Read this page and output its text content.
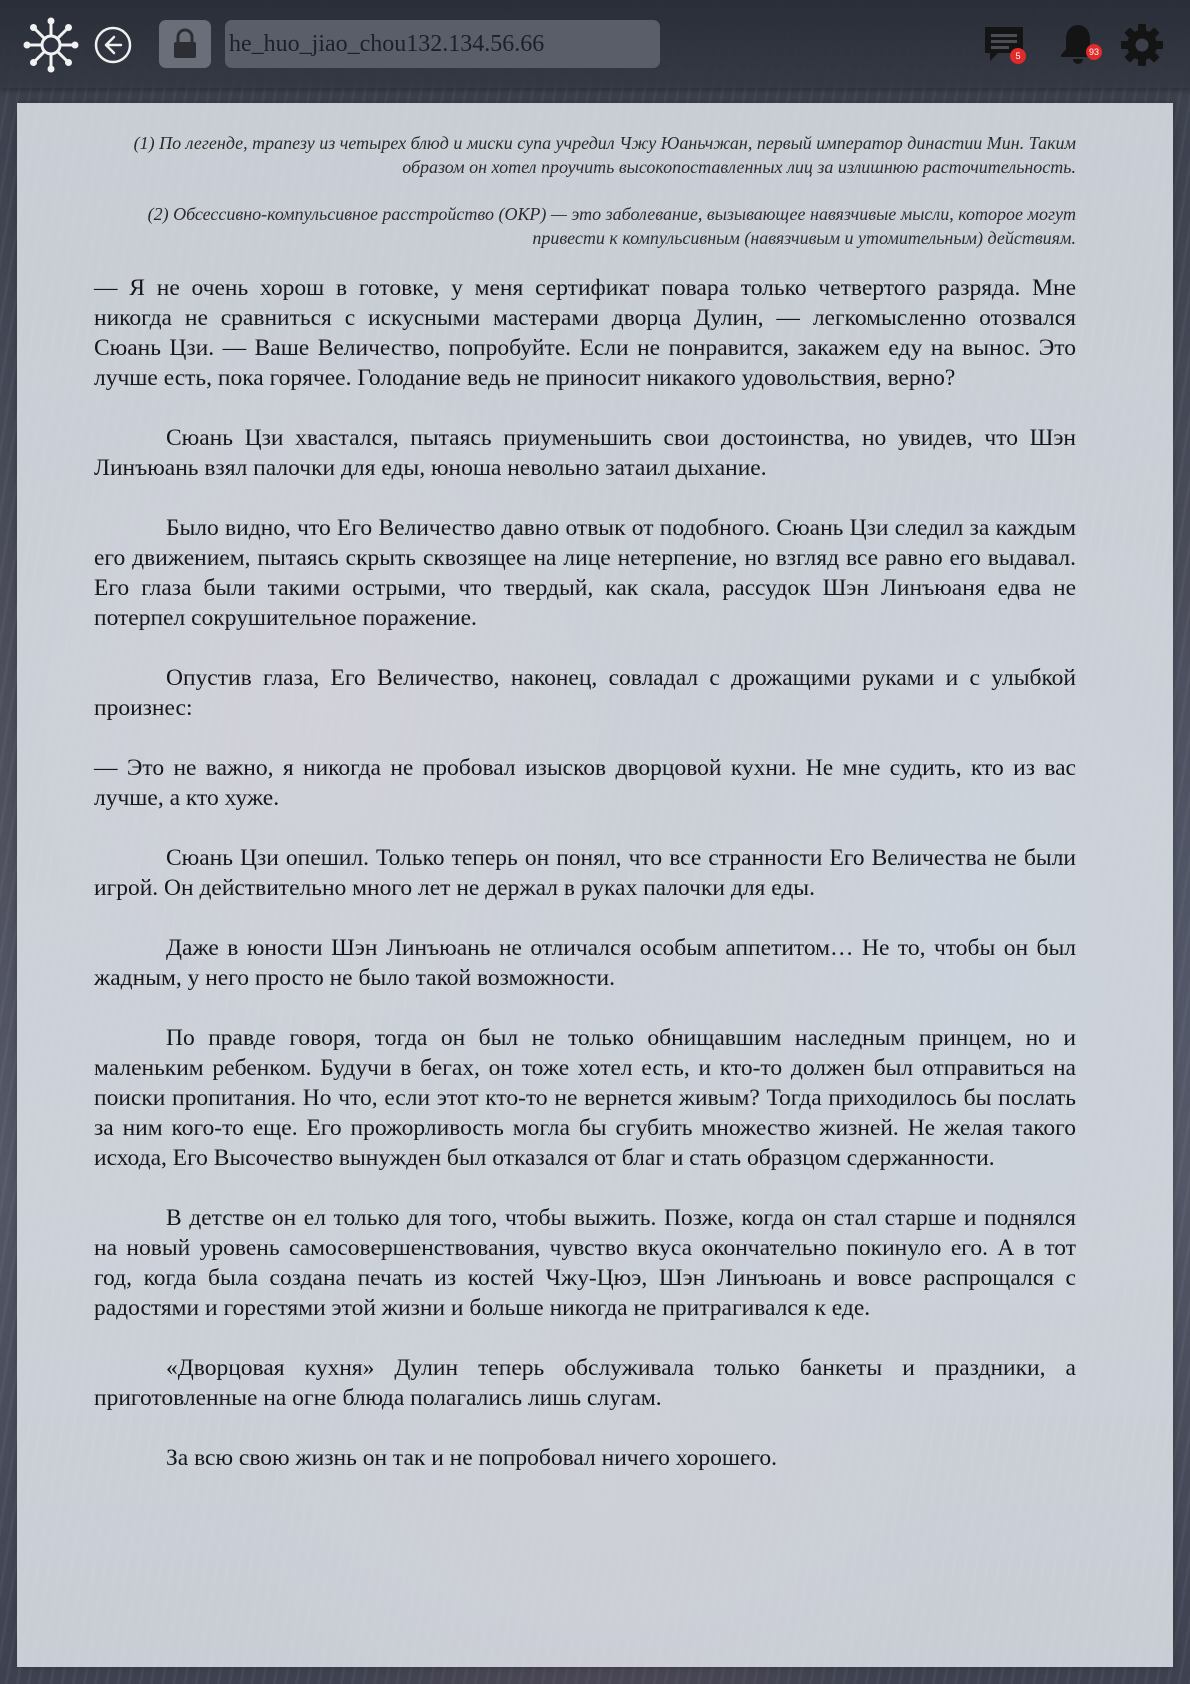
he_huo_jiao_chou132.134.56.66
5	93

(1) По легенде, трапезу из четырех блюд и миски супа учредил Чжу Юаньчжан, первый император династии Мин. Таким образом он хотел проучить высокопоставленных лиц за излишнюю расточительность.

(2) Обсессивно-компульсивное расстройство (ОКР) — это заболевание, вызывающее навязчивые мысли, которое могут привести к компульсивным (навязчивым и утомительным) действиям.

— Я не очень хорош в готовке, у меня сертификат повара только четвертого разряда. Мне никогда не сравниться с искусными мастерами дворца Дулин, — легкомысленно отозвался Сюань Цзи. — Ваше Величество, попробуйте. Если не понравится, закажем еду на вынос. Это лучше есть, пока горячее. Голодание ведь не приносит никакого удовольствия, верно?

Сюань Цзи хвастался, пытаясь приуменьшить свои достоинства, но увидев, что Шэн Линъюань взял палочки для еды, юноша невольно затаил дыхание.

Было видно, что Его Величество давно отвык от подобного. Сюань Цзи следил за каждым его движением, пытаясь скрыть сквозящее на лице нетерпение, но взгляд все равно его выдавал. Его глаза были такими острыми, что твердый, как скала, рассудок Шэн Линъюаня едва не потерпел сокрушительное поражение.

Опустив глаза, Его Величество, наконец, совладал с дрожащими руками и с улыбкой произнес:

— Это не важно, я никогда не пробовал изысков дворцовой кухни. Не мне судить, кто из вас лучше, а кто хуже.

Сюань Цзи опешил. Только теперь он понял, что все странности Его Величества не были игрой. Он действительно много лет не держал в руках палочки для еды.

Даже в юности Шэн Линъюань не отличался особым аппетитом… Не то, чтобы он был жадным, у него просто не было такой возможности.

По правде говоря, тогда он был не только обнищавшим наследным принцем, но и маленьким ребенком. Будучи в бегах, он тоже хотел есть, и кто-то должен был отправиться на поиски пропитания. Но что, если этот кто-то не вернется живым? Тогда приходилось бы послать за ним кого-то еще. Его прожорливость могла бы сгубить множество жизней. Не желая такого исхода, Его Высочество вынужден был отказался от благ и стать образцом сдержанности.

В детстве он ел только для того, чтобы выжить. Позже, когда он стал старше и поднялся на новый уровень самосовершенствования, чувство вкуса окончательно покинуло его. А в тот год, когда была создана печать из костей Чжу-Цюэ, Шэн Линъюань и вовсе распрощался с радостями и горестями этой жизни и больше никогда не притрагивался к еде.

«Дворцовая кухня» Дулин теперь обслуживала только банкеты и праздники, а приготовленные на огне блюда полагались лишь слугам.

За всю свою жизнь он так и не попробовал ничего хорошего.
